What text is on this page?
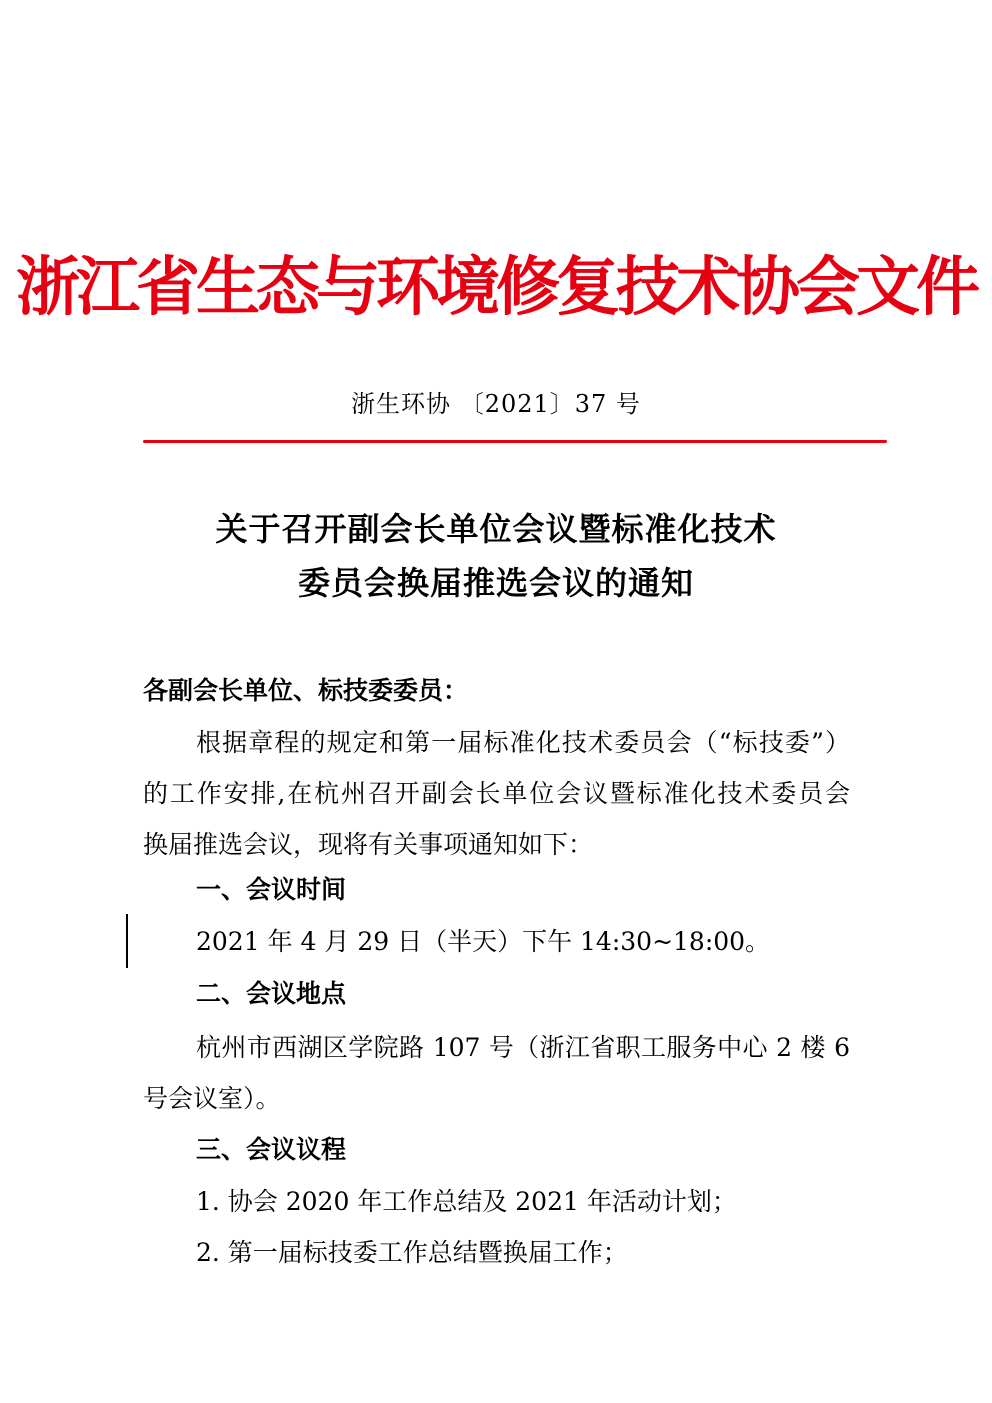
浙江省生态与环境修复技术协会文件
浙生环协 〔2021〕37 号
关于召开副会长单位会议暨标准化技术
委员会换届推选会议的通知
各副会长单位、标技委委员：
根据章程的规定和第一届标准化技术委员会（“标技委”）
的工作安排,在杭州召开副会长单位会议暨标准化技术委员会
换届推选会议，现将有关事项通知如下：
一、会议时间
2021 年 4 月 29 日（半天）下午 14:30~18:00。
二、会议地点
杭州市西湖区学院路 107 号（浙江省职工服务中心 2 楼 6
号会议室）。
三、会议议程
1. 协会 2020 年工作总结及 2021 年活动计划；
2. 第一届标技委工作总结暨换届工作；
